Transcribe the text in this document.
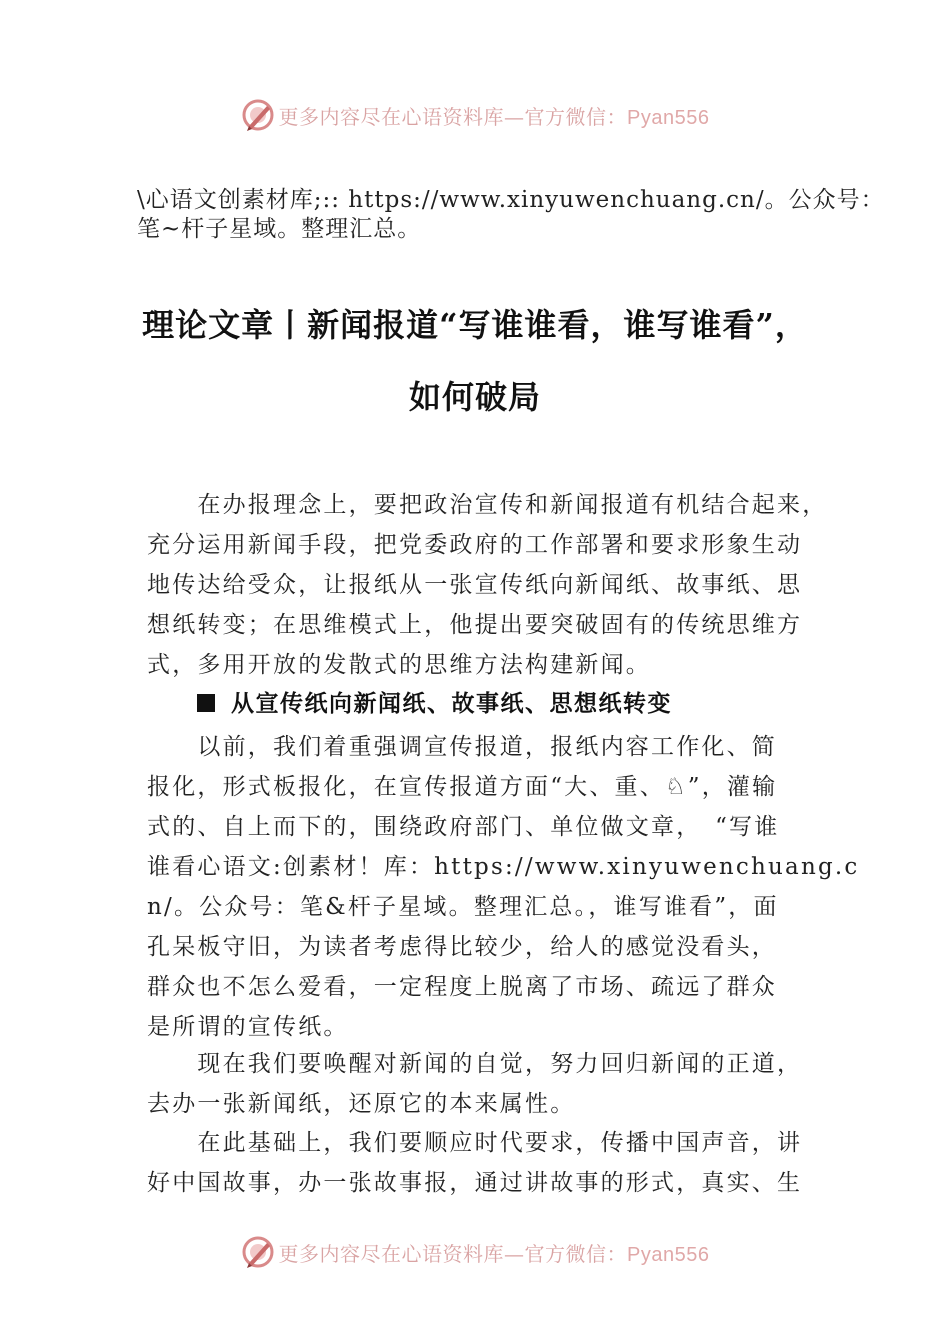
更多内容尽在心语资料库—官方微信：Pyan556
\心语文创素材库;:: https://www.xinyuwenchuang.cn/。公众号：
笔~杆子星域。整理汇总。
理论文章丨新闻报道“写谁谁看，谁写谁看”，
如何破局
　　在办报理念上，要把政治宣传和新闻报道有机结合起来，
充分运用新闻手段，把党委政府的工作部署和要求形象生动
地传达给受众，让报纸从一张宣传纸向新闻纸、故事纸、思
想纸转变；在思维模式上，他提出要突破固有的传统思维方
式，多用开放的发散式的思维方法构建新闻。
从宣传纸向新闻纸、故事纸、思想纸转变
　　以前，我们着重强调宣传报道，报纸内容工作化、简
报化，形式板报化，在宣传报道方面“大、重、♘”，灌输
式的、自上而下的，围绕政府部门、单位做文章，　“写谁
谁看心语文:创素材！库：https://www.xinyuwenchuang.c
n/。公众号：笔&杆子星域。整理汇总。，谁写谁看”，面
孔呆板守旧，为读者考虑得比较少，给人的感觉没看头，
群众也不怎么爱看，一定程度上脱离了市场、疏远了群众
是所谓的宣传纸。
　　现在我们要唤醒对新闻的自觉，努力回归新闻的正道，
去办一张新闻纸，还原它的本来属性。
　　在此基础上，我们要顺应时代要求，传播中国声音，讲
好中国故事，办一张故事报，通过讲故事的形式，真实、生
更多内容尽在心语资料库—官方微信：Pyan556
